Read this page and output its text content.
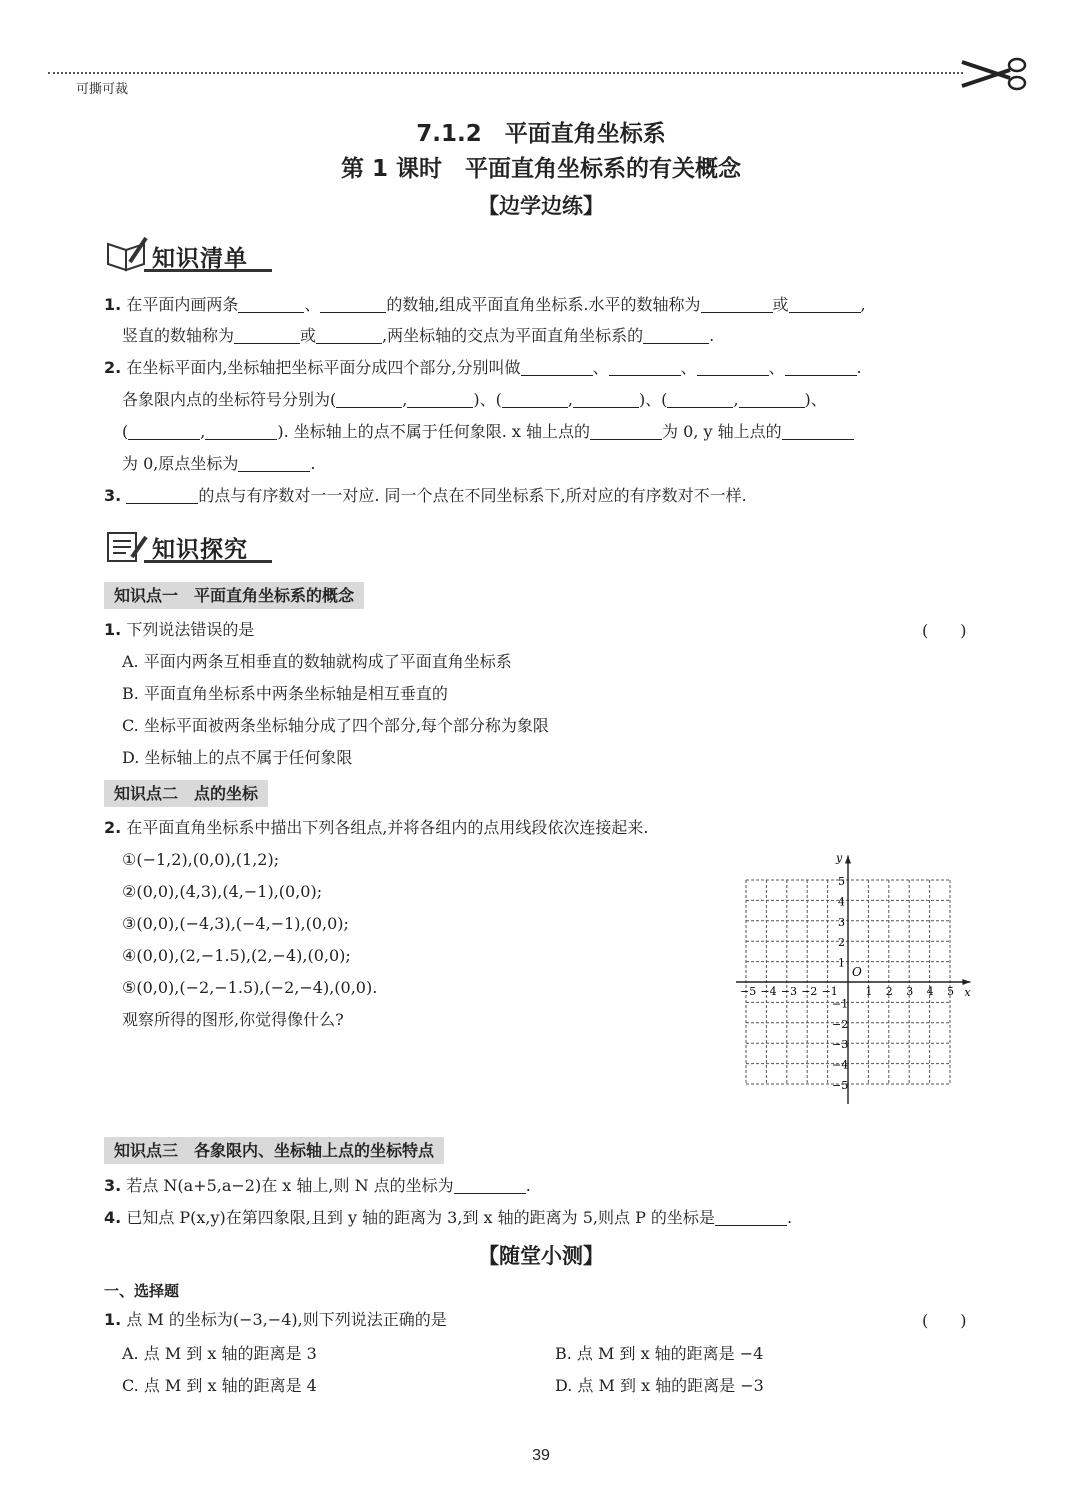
可撕可裁
7.1.2　平面直角坐标系
第 1 课时　平面直角坐标系的有关概念
【边学边练】
知识清单
1. 在平面内画两条	、	的数轴,组成平面直角坐标系.水平的数轴称为	或	,
竖直的数轴称为	或	,两坐标轴的交点为平面直角坐标系的	.
2. 在坐标平面内,坐标轴把坐标平面分成四个部分,分别叫做	、	、	、	.
各象限内点的坐标符号分别为(	,	)、(	,	)、(	,	)、
(	,	). 坐标轴上的点不属于任何象限. x 轴上点的	为 0, y 轴上点的
为 0,原点坐标为	.
3.	的点与有序数对一一对应. 同一个点在不同坐标系下,所对应的有序数对不一样.
知识探究
知识点一　平面直角坐标系的概念
1. 下列说法错误的是	(　　)
A. 平面内两条互相垂直的数轴就构成了平面直角坐标系
B. 平面直角坐标系中两条坐标轴是相互垂直的
C. 坐标平面被两条坐标轴分成了四个部分,每个部分称为象限
D. 坐标轴上的点不属于任何象限
知识点二　点的坐标
2. 在平面直角坐标系中描出下列各组点,并将各组内的点用线段依次连接起来.
①(−1,2),(0,0),(1,2);
②(0,0),(4,3),(4,−1),(0,0);
③(0,0),(−4,3),(−4,−1),(0,0);
④(0,0),(2,−1.5),(2,−4),(0,0);
⑤(0,0),(−2,−1.5),(−2,−4),(0,0).
观察所得的图形,你觉得像什么?
x
y
O
−5 −4 −3 −2 −1	1 2 3 4 5
5
4
3
2
1
−1
−2
−3
−4
−5
知识点三　各象限内、坐标轴上点的坐标特点
3. 若点 N(a+5,a−2)在 x 轴上,则 N 点的坐标为	.
4. 已知点 P(x,y)在第四象限,且到 y 轴的距离为 3,到 x 轴的距离为 5,则点 P 的坐标是	.
【随堂小测】
一、选择题
1. 点 M 的坐标为(−3,−4),则下列说法正确的是	(　　)
A. 点 M 到 x 轴的距离是 3	B. 点 M 到 x 轴的距离是 −4
C. 点 M 到 x 轴的距离是 4	D. 点 M 到 x 轴的距离是 −3
39
